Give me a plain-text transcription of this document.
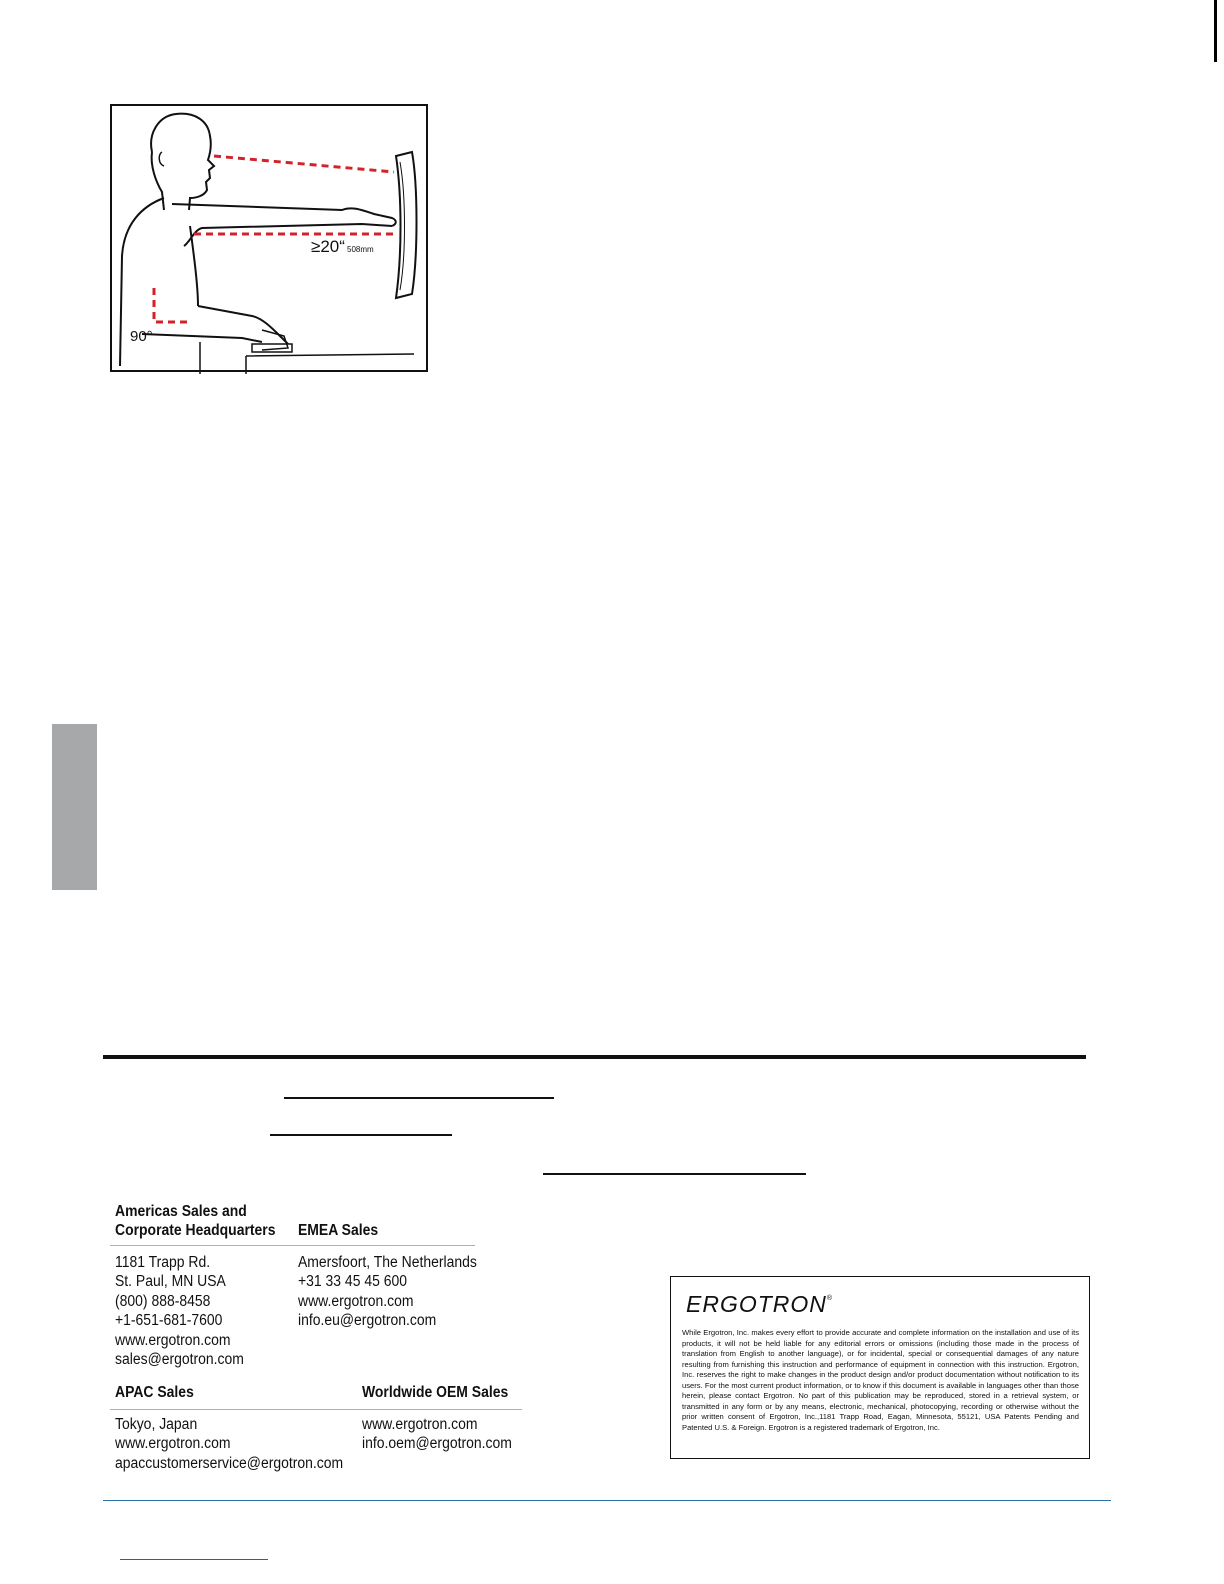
≥20“ 508mm
90°
Americas Sales and
Corporate Headquarters
1181 Trapp Rd.
St. Paul, MN USA
(800) 888-8458
+1-651-681-7600
www.ergotron.com
sales@ergotron.com
EMEA Sales
Amersfoort, The Netherlands
+31 33 45 45 600
www.ergotron.com
info.eu@ergotron.com
APAC Sales
Tokyo, Japan
www.ergotron.com
apaccustomerservice@ergotron.com
Worldwide OEM Sales
www.ergotron.com
info.oem@ergotron.com
ERGOTRON®
While Ergotron, Inc. makes every effort to provide accurate and complete information on the installation and use of its products, it will not be held liable for any editorial errors or omissions (including those made in the process of translation from English to another language), or for incidental, special or consequential damages of any nature resulting from furnishing this instruction and performance of equipment in connection with this instruction. Ergotron, Inc. reserves the right to make changes in the product design and/or product documentation without notification to its users. For the most current product information, or to know if this document is available in languages other than those herein, please contact Ergotron. No part of this publication may be reproduced, stored in a retrieval system, or transmitted in any form or by any means, electronic, mechanical, photocopying, recording or otherwise without the prior written consent of Ergotron, Inc.,1181 Trapp Road, Eagan, Minnesota, 55121, USA Patents Pending and Patented U.S. & Foreign. Ergotron is a registered trademark of Ergotron, Inc.
